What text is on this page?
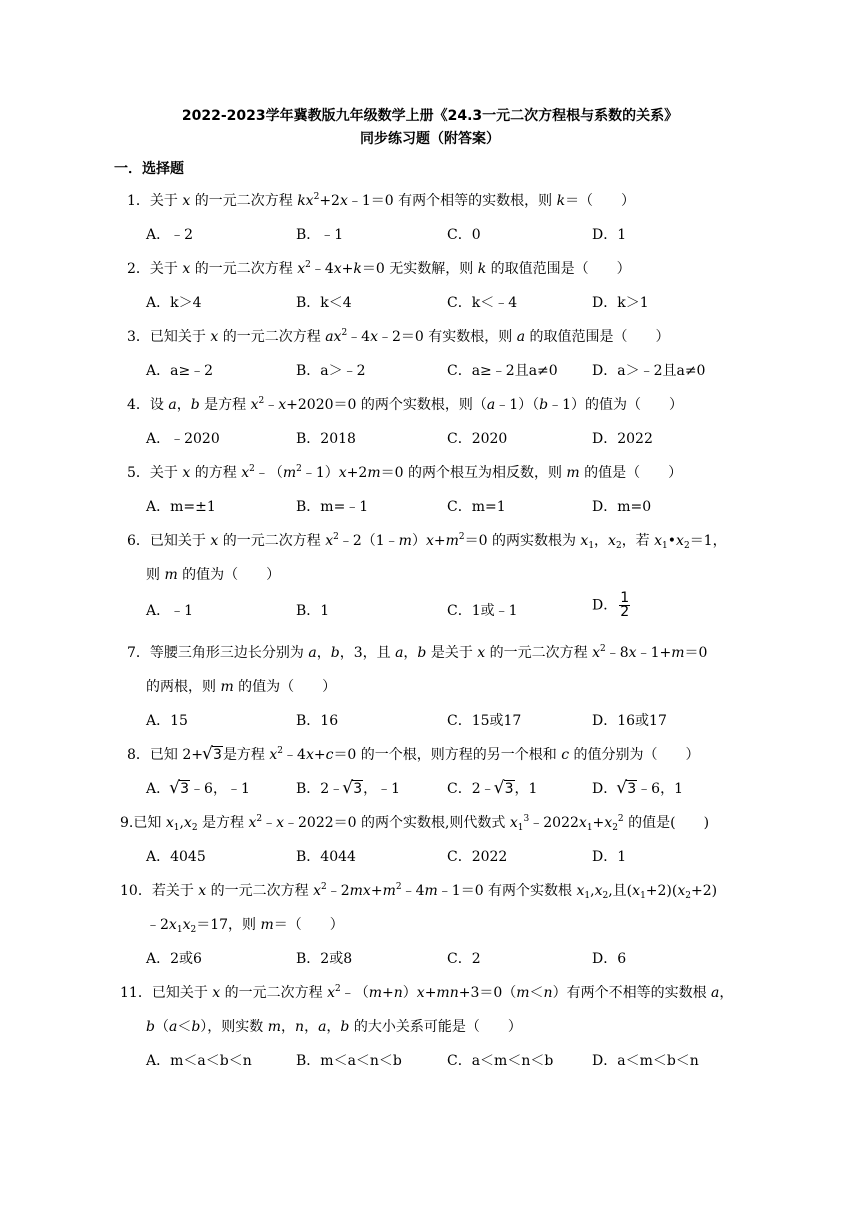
2022-2023学年冀教版九年级数学上册《24.3一元二次方程根与系数的关系》
同步练习题（附答案）
一．选择题
1．关于 x 的一元二次方程 $kx^2+2x﹣1=0$ 有两个相等的实数根，则 k＝（　　）
A．﹣2	B．﹣1	C．0	D．1
2．关于 x 的一元二次方程 $x^2﹣4x+k=0$ 无实数解，则 k 的取值范围是（　　）
A．k＞4	B．k＜4	C．k＜﹣4	D．k＞1
3．已知关于 x 的一元二次方程 $ax^2﹣4x﹣2=0$ 有实数根，则 a 的取值范围是（　　）
A．a≥﹣2	B．a＞﹣2	C．a≥﹣2且a≠0 D．a＞﹣2且a≠0
4．设 a，b 是方程 $x^2﹣x+2020=0$ 的两个实数根，则（a﹣1）（b﹣1）的值为（　　）
A．﹣2020	B．2018	C．2020	D．2022
5．关于 x 的方程 $x^2﹣(m^2﹣1)x+2m=0$ 的两个根互为相反数，则 m 的值是（　　）
A．m=±1	B．m=﹣1	C．m=1	D．m=0
6．已知关于 x 的一元二次方程 $x^2﹣2(1﹣m)x+m^2=0$ 的两实数根为 $x_1$，$x_2$，若 $x_1•x_2=1$，
则 m 的值为（　　）
A．﹣1	B．1	C．1或﹣1	D． $\frac{1}{2}$
7．等腰三角形三边长分别为 a，b，3，且 a，b 是关于 x 的一元二次方程 $x^2﹣8x﹣1+m=0$
的两根，则 m 的值为（　　）
A．15	B．16	C．15或17	D．16或17
8．已知 2+ √ 3是方程 $x^2﹣4x+c=0$ 的一个根，则方程的另一个根和 c 的值分别为（　　）
A． √ 3﹣6，﹣1	B．2﹣ √ 3，﹣1	C．2﹣ √ 3，1	D． √ 3﹣6，1
9.已知 $x_1,x_2$ 是方程 $x^2﹣x﹣2022=0$ 的两个实数根,则代数式 $x_1^3﹣2022x_1+x_2^2$ 的值是(　　)
A．4045	B．4044	C．2022	D．1
10．若关于 x 的一元二次方程 $x^2﹣2mx+m^2﹣4m﹣1=0$ 有两个实数根 $x_1,x_2$,且$(x_1+2)(x_2+2)$
$﹣2x_1x_2=17$，则 m＝（　　）
A．2或6	B．2或8	C．2	D．6
11．已知关于 x 的一元二次方程 $x^2﹣(m+n)x+mn+3=0(m<n)$有两个不相等的实数根 a，
b（a＜b），则实数 m，n，a，b 的大小关系可能是（　　）
A．m＜a＜b＜n	B．m＜a＜n＜b	C．a＜m＜n＜b	D．a＜m＜b＜n
